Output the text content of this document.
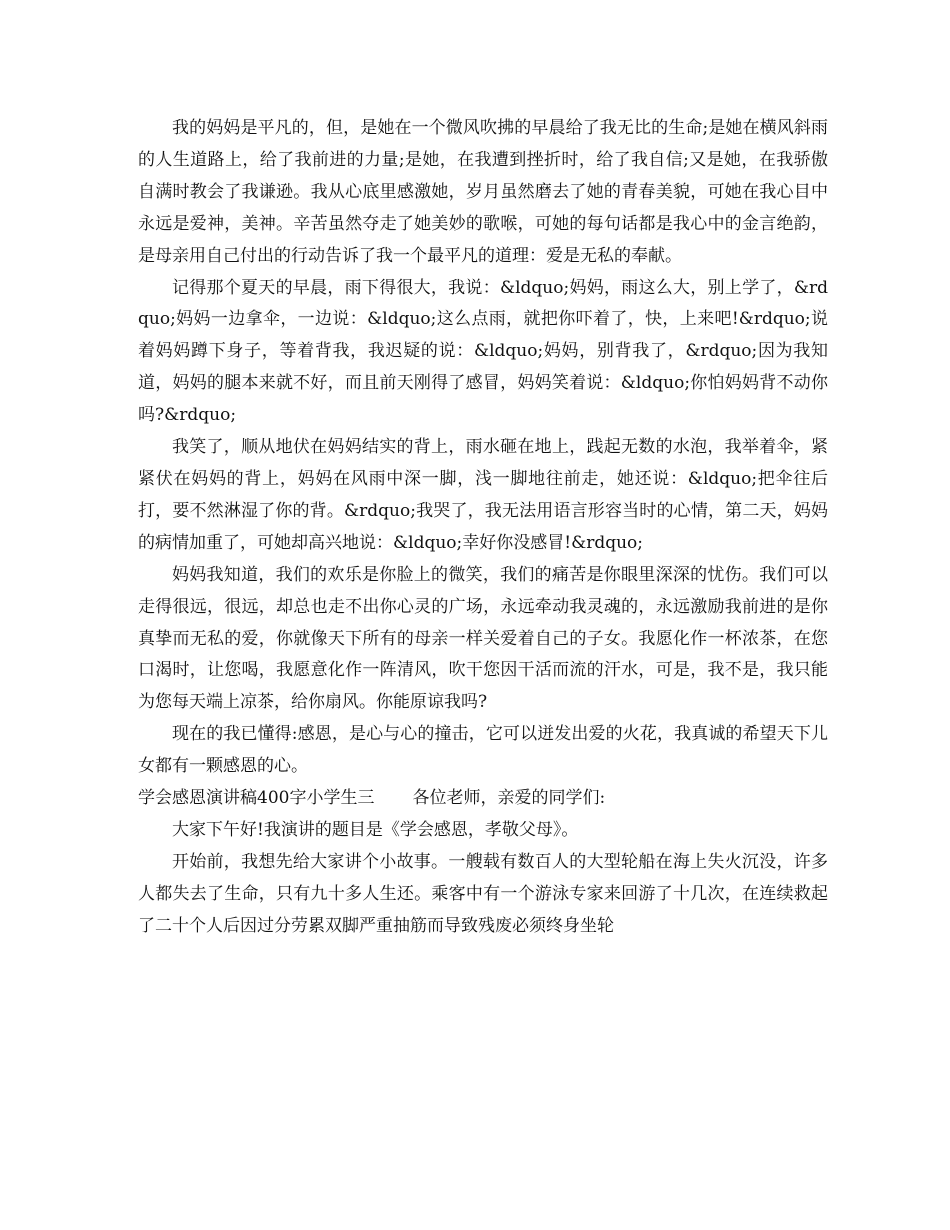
我的妈妈是平凡的，但，是她在一个微风吹拂的早晨给了我无比的生命;是她在横风斜雨的人生道路上，给了我前进的力量;是她，在我遭到挫折时，给了我自信;又是她，在我骄傲自满时教会了我谦逊。我从心底里感激她，岁月虽然磨去了她的青春美貌，可她在我心目中永远是爱神，美神。辛苦虽然夺走了她美妙的歌喉，可她的每句话都是我心中的金言绝韵，是母亲用自己付出的行动告诉了我一个最平凡的道理：爱是无私的奉献。

记得那个夏天的早晨，雨下得很大，我说：&ldquo;妈妈，雨这么大，别上学了，&rdquo;妈妈一边拿伞，一边说：&ldquo;这么点雨，就把你吓着了，快，上来吧!&rdquo;说着妈妈蹲下身子，等着背我，我迟疑的说：&ldquo;妈妈，别背我了，&rdquo;因为我知道，妈妈的腿本来就不好，而且前天刚得了感冒，妈妈笑着说：&ldquo;你怕妈妈背不动你吗?&rdquo;

我笑了，顺从地伏在妈妈结实的背上，雨水砸在地上，践起无数的水泡，我举着伞，紧紧伏在妈妈的背上，妈妈在风雨中深一脚，浅一脚地往前走，她还说：&ldquo;把伞往后打，要不然淋湿了你的背。&rdquo;我哭了，我无法用语言形容当时的心情，第二天，妈妈的病情加重了，可她却高兴地说：&ldquo;幸好你没感冒!&rdquo;

妈妈我知道，我们的欢乐是你脸上的微笑，我们的痛苦是你眼里深深的忧伤。我们可以走得很远，很远，却总也走不出你心灵的广场，永远牵动我灵魂的，永远激励我前进的是你真挚而无私的爱，你就像天下所有的母亲一样关爱着自己的子女。我愿化作一杯浓茶，在您口渴时，让您喝，我愿意化作一阵清风，吹干您因干活而流的汗水，可是，我不是，我只能为您每天端上凉茶，给你扇风。你能原谅我吗?

现在的我已懂得:感恩，是心与心的撞击，它可以迸发出爱的火花，我真诚的希望天下儿女都有一颗感恩的心。

学会感恩演讲稿400字小学生三 各位老师，亲爱的同学们:

大家下午好!我演讲的题目是《学会感恩，孝敬父母》。

开始前，我想先给大家讲个小故事。一艘载有数百人的大型轮船在海上失火沉没，许多人都失去了生命，只有九十多人生还。乘客中有一个游泳专家来回游了十几次，在连续救起了二十个人后因过分劳累双脚严重抽筋而导致残废必须终身坐轮
